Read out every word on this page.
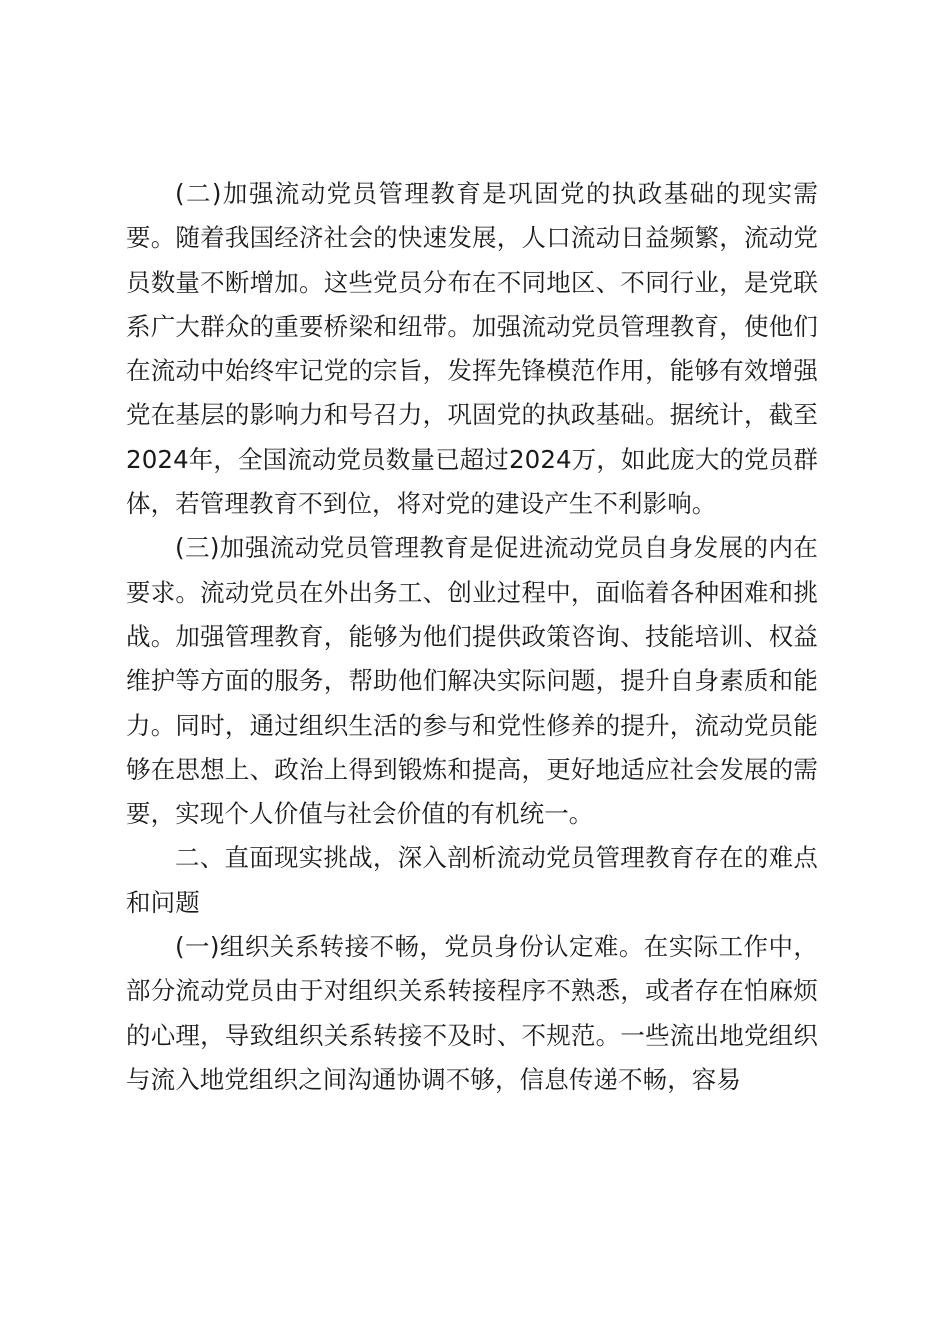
(二)加强流动党员管理教育是巩固党的执政基础的现实需要。随着我国经济社会的快速发展，人口流动日益频繁，流动党员数量不断增加。这些党员分布在不同地区、不同行业，是党联系广大群众的重要桥梁和纽带。加强流动党员管理教育，使他们在流动中始终牢记党的宗旨，发挥先锋模范作用，能够有效增强党在基层的影响力和号召力，巩固党的执政基础。据统计，截至2024年，全国流动党员数量已超过2024万，如此庞大的党员群体，若管理教育不到位，将对党的建设产生不利影响。

(三)加强流动党员管理教育是促进流动党员自身发展的内在要求。流动党员在外出务工、创业过程中，面临着各种困难和挑战。加强管理教育，能够为他们提供政策咨询、技能培训、权益维护等方面的服务，帮助他们解决实际问题，提升自身素质和能力。同时，通过组织生活的参与和党性修养的提升，流动党员能够在思想上、政治上得到锻炼和提高，更好地适应社会发展的需要，实现个人价值与社会价值的有机统一。

二、直面现实挑战，深入剖析流动党员管理教育存在的难点和问题

(一)组织关系转接不畅，党员身份认定难。在实际工作中，部分流动党员由于对组织关系转接程序不熟悉，或者存在怕麻烦的心理，导致组织关系转接不及时、不规范。一些流出地党组织与流入地党组织之间沟通协调不够，信息传递不畅，容易
